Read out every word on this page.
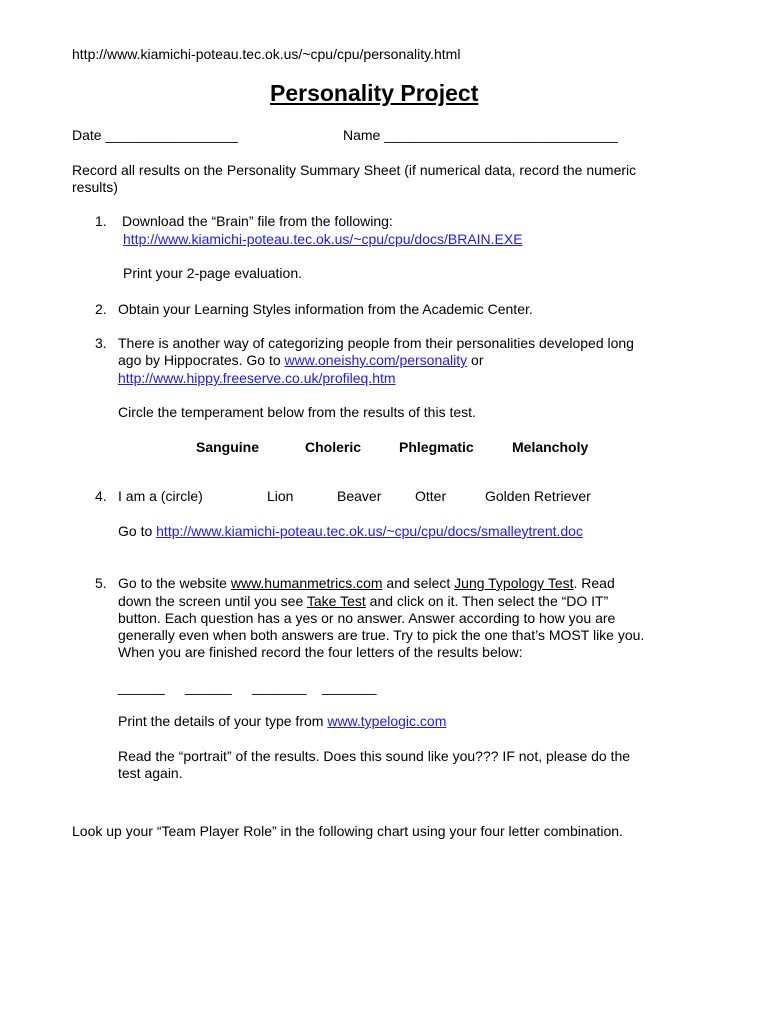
http://www.kiamichi-poteau.tec.ok.us/~cpu/cpu/personality.html
Personality Project
Date _________________	Name ______________________________
Record all results on the Personality Summary Sheet (if numerical data, record the numeric
results)
1. Download the “Brain” file from the following:
http://www.kiamichi-poteau.tec.ok.us/~cpu/cpu/docs/BRAIN.EXE
Print your 2-page evaluation.
2. Obtain your Learning Styles information from the Academic Center.
3. There is another way of categorizing people from their personalities developed long
ago by Hippocrates. Go to www.oneishy.com/personality or
http://www.hippy.freeserve.co.uk/profileq.htm
Circle the temperament below from the results of this test.
Sanguine	Choleric	Phlegmatic	Melancholy
4. I am a (circle)	Lion	Beaver Otter	Golden Retriever
Go to http://www.kiamichi-poteau.tec.ok.us/~cpu/cpu/docs/smalleytrent.doc
5. Go to the website www.humanmetrics.com and select Jung Typology Test. Read
down the screen until you see Take Test and click on it. Then select the “DO IT”
button. Each question has a yes or no answer. Answer according to how you are
generally even when both answers are true. Try to pick the one that’s MOST like you.
When you are finished record the four letters of the results below:
______ ______ _______ _______
Print the details of your type from www.typelogic.com
Read the “portrait” of the results. Does this sound like you??? IF not, please do the
test again.
Look up your “Team Player Role” in the following chart using your four letter combination.
